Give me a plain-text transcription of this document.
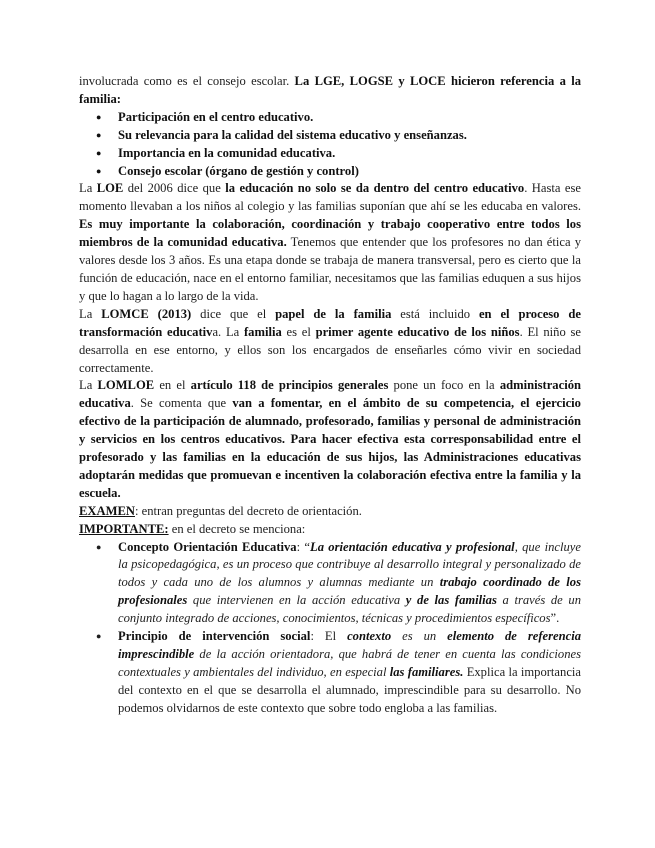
involucrada como es el consejo escolar. La LGE, LOGSE y LOCE hicieron referencia a la familia:

● Participación en el centro educativo.
● Su relevancia para la calidad del sistema educativo y enseñanzas.
● Importancia en la comunidad educativa.
● Consejo escolar (órgano de gestión y control)

La LOE del 2006 dice que la educación no solo se da dentro del centro educativo. Hasta ese momento llevaban a los niños al colegio y las familias suponían que ahí se les educaba en valores. Es muy importante la colaboración, coordinación y trabajo cooperativo entre todos los miembros de la comunidad educativa. Tenemos que entender que los profesores no dan ética y valores desde los 3 años. Es una etapa donde se trabaja de manera transversal, pero es cierto que la función de educación, nace en el entorno familiar, necesitamos que las familias eduquen a sus hijos y que lo hagan a lo largo de la vida.

La LOMCE (2013) dice que el papel de la familia está incluido en el proceso de transformación educativa. La familia es el primer agente educativo de los niños. El niño se desarrolla en ese entorno, y ellos son los encargados de enseñarles cómo vivir en sociedad correctamente.

La LOMLOE en el artículo 118 de principios generales pone un foco en la administración educativa. Se comenta que van a fomentar, en el ámbito de su competencia, el ejercicio efectivo de la participación de alumnado, profesorado, familias y personal de administración y servicios en los centros educativos. Para hacer efectiva esta corresponsabilidad entre el profesorado y las familias en la educación de sus hijos, las Administraciones educativas adoptarán medidas que promuevan e incentiven la colaboración efectiva entre la familia y la escuela.

EXAMEN: entran preguntas del decreto de orientación.

IMPORTANTE: en el decreto se menciona:

● Concepto Orientación Educativa: “La orientación educativa y profesional, que incluye la psicopedagógica, es un proceso que contribuye al desarrollo integral y personalizado de todos y cada uno de los alumnos y alumnas mediante un trabajo coordinado de los profesionales que intervienen en la acción educativa y de las familias a través de un conjunto integrado de acciones, conocimientos, técnicas y procedimientos específicos”.
● Principio de intervención social: El contexto es un elemento de referencia imprescindible de la acción orientadora, que habrá de tener en cuenta las condiciones contextuales y ambientales del individuo, en especial las familiares. Explica la importancia del contexto en el que se desarrolla el alumnado, imprescindible para su desarrollo. No podemos olvidarnos de este contexto que sobre todo engloba a las familias.
